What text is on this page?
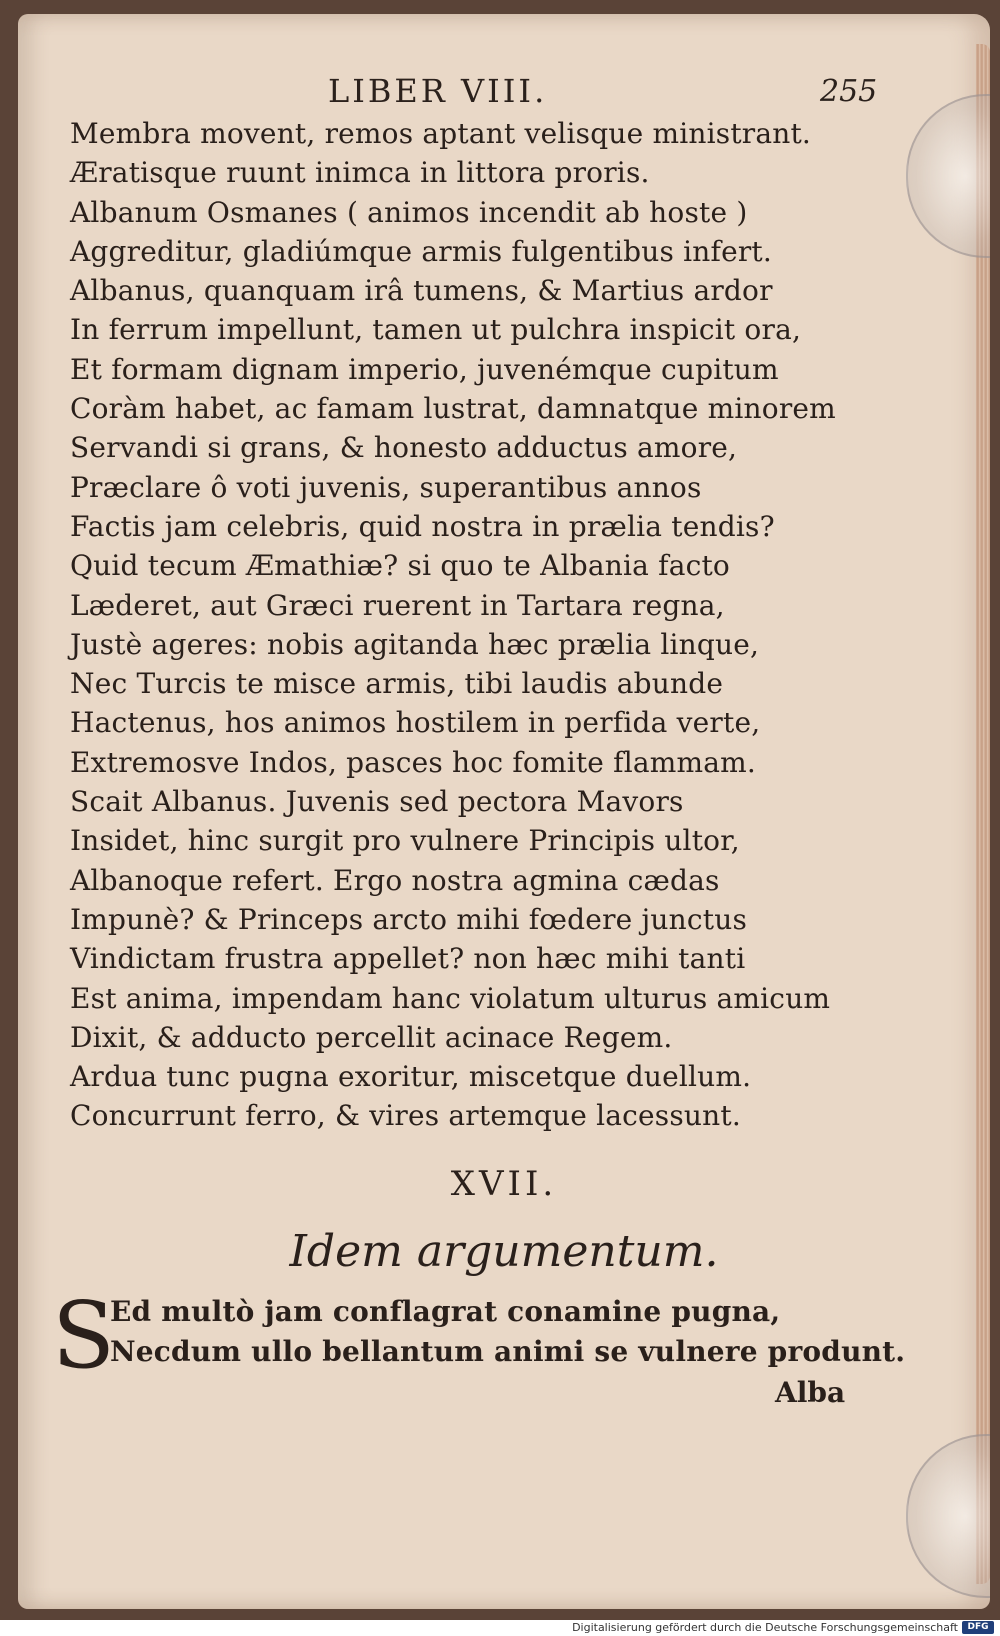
LIBER VIII.	255
Membra movent, remos aptant velisque ministrant.
Æratisque ruunt inimca in littora proris.
Albanum Osmanes ( animos incendit ab hoste )
Aggreditur, gladiúmque armis fulgentibus infert.
Albanus, quanquam irâ tumens, & Martius ardor
In ferrum impellunt, tamen ut pulchra inspicit ora,
Et formam dignam imperio, juvenémque cupitum
Coràm habet, ac famam lustrat, damnatque minorem
Servandi si grans, & honesto adductus amore,
Præclare ô voti juvenis, superantibus annos
Factis jam celebris, quid nostra in prælia tendis?
Quid tecum Æmathiæ? si quo te Albania facto
Læderet, aut Græci ruerent in Tartara regna,
Justè ageres: nobis agitanda hæc prælia linque,
Nec Turcis te misce armis, tibi laudis abunde
Hactenus, hos animos hostilem in perfida verte,
Extremosve Indos, pasces hoc fomite flammam.
Scait Albanus. Juvenis sed pectora Mavors
Insidet, hinc surgit pro vulnere Principis ultor,
Albanoque refert. Ergo nostra agmina cædas
Impunè? & Princeps arcto mihi fœdere junctus
Vindictam frustra appellet? non hæc mihi tanti
Est anima, impendam hanc violatum ulturus amicum
Dixit, & adducto percellit acinace Regem.
Ardua tunc pugna exoritur, miscetque duellum.
Concurrunt ferro, & vires artemque lacessunt.
XVII.
Idem argumentum.
S
Ed multò jam conflagrat conamine pugna,
Necdum ullo bellantum animi se vulnere produnt.
Alba
Digitalisierung gefördert durch die Deutsche Forschungsgemeinschaft	DFG
